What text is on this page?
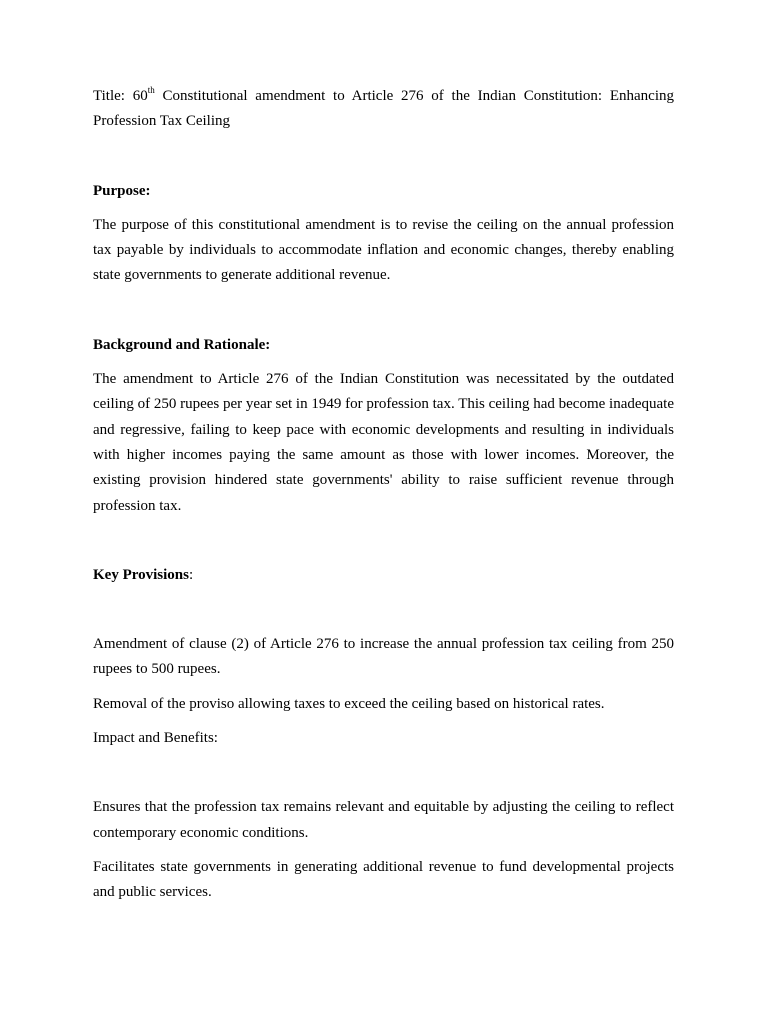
Title: 60th Constitutional amendment to Article 276 of the Indian Constitution: Enhancing Profession Tax Ceiling

Purpose:

The purpose of this constitutional amendment is to revise the ceiling on the annual profession tax payable by individuals to accommodate inflation and economic changes, thereby enabling state governments to generate additional revenue.

Background and Rationale:

The amendment to Article 276 of the Indian Constitution was necessitated by the outdated ceiling of 250 rupees per year set in 1949 for profession tax. This ceiling had become inadequate and regressive, failing to keep pace with economic developments and resulting in individuals with higher incomes paying the same amount as those with lower incomes. Moreover, the existing provision hindered state governments' ability to raise sufficient revenue through profession tax.

Key Provisions:

Amendment of clause (2) of Article 276 to increase the annual profession tax ceiling from 250 rupees to 500 rupees.

Removal of the proviso allowing taxes to exceed the ceiling based on historical rates.

Impact and Benefits:

Ensures that the profession tax remains relevant and equitable by adjusting the ceiling to reflect contemporary economic conditions.

Facilitates state governments in generating additional revenue to fund developmental projects and public services.
